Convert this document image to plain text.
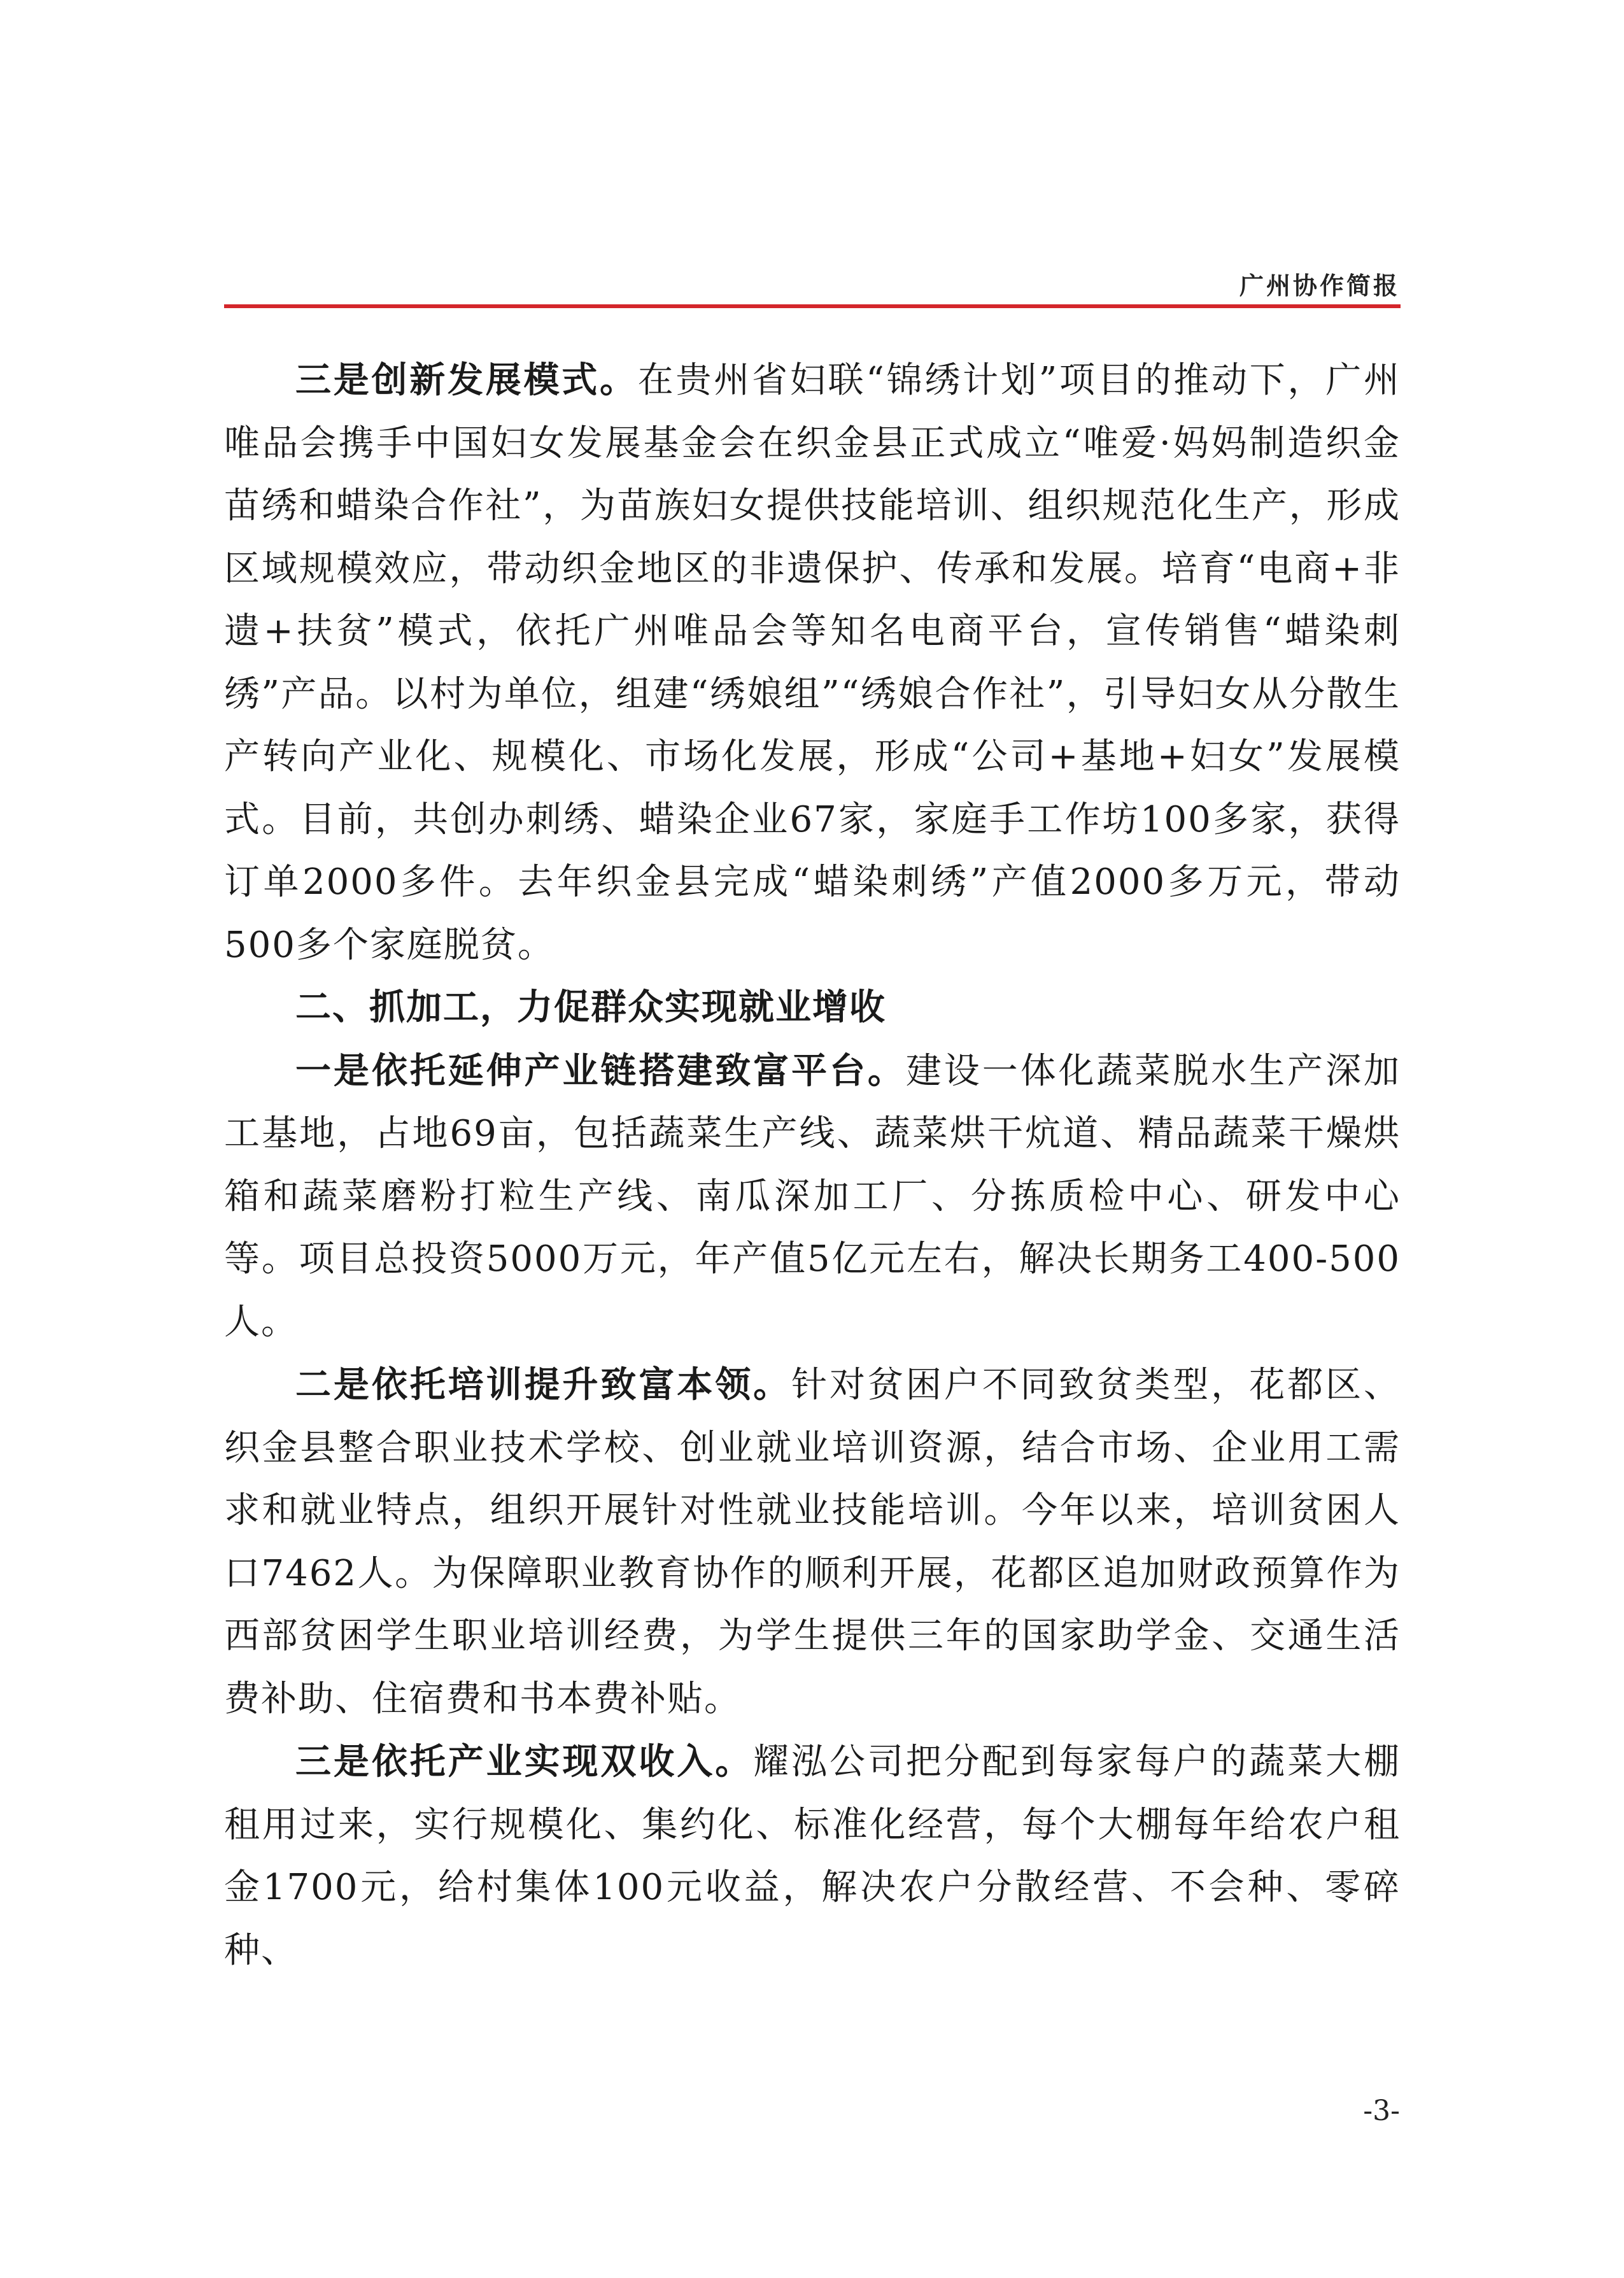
广州协作简报

三是创新发展模式。在贵州省妇联“锦绣计划”项目的推动下，广州唯品会携手中国妇女发展基金会在织金县正式成立“唯爱·妈妈制造织金苗绣和蜡染合作社”，为苗族妇女提供技能培训、组织规范化生产，形成区域规模效应，带动织金地区的非遗保护、传承和发展。培育“电商+非遗+扶贫”模式，依托广州唯品会等知名电商平台，宣传销售“蜡染刺绣”产品。以村为单位，组建“绣娘组”“绣娘合作社”，引导妇女从分散生产转向产业化、规模化、市场化发展，形成“公司+基地+妇女”发展模式。目前，共创办刺绣、蜡染企业67家，家庭手工作坊100多家，获得订单2000多件。去年织金县完成“蜡染刺绣”产值2000多万元，带动500多个家庭脱贫。

二、抓加工，力促群众实现就业增收

一是依托延伸产业链搭建致富平台。建设一体化蔬菜脱水生产深加工基地，占地69亩，包括蔬菜生产线、蔬菜烘干炕道、精品蔬菜干燥烘箱和蔬菜磨粉打粒生产线、南瓜深加工厂、分拣质检中心、研发中心等。项目总投资5000万元，年产值5亿元左右，解决长期务工400-500人。

二是依托培训提升致富本领。针对贫困户不同致贫类型，花都区、织金县整合职业技术学校、创业就业培训资源，结合市场、企业用工需求和就业特点，组织开展针对性就业技能培训。今年以来，培训贫困人口7462人。为保障职业教育协作的顺利开展，花都区追加财政预算作为西部贫困学生职业培训经费，为学生提供三年的国家助学金、交通生活费补助、住宿费和书本费补贴。

三是依托产业实现双收入。耀泓公司把分配到每家每户的蔬菜大棚租用过来，实行规模化、集约化、标准化经营，每个大棚每年给农户租金1700元，给村集体100元收益，解决农户分散经营、不会种、零碎种、

-3-
